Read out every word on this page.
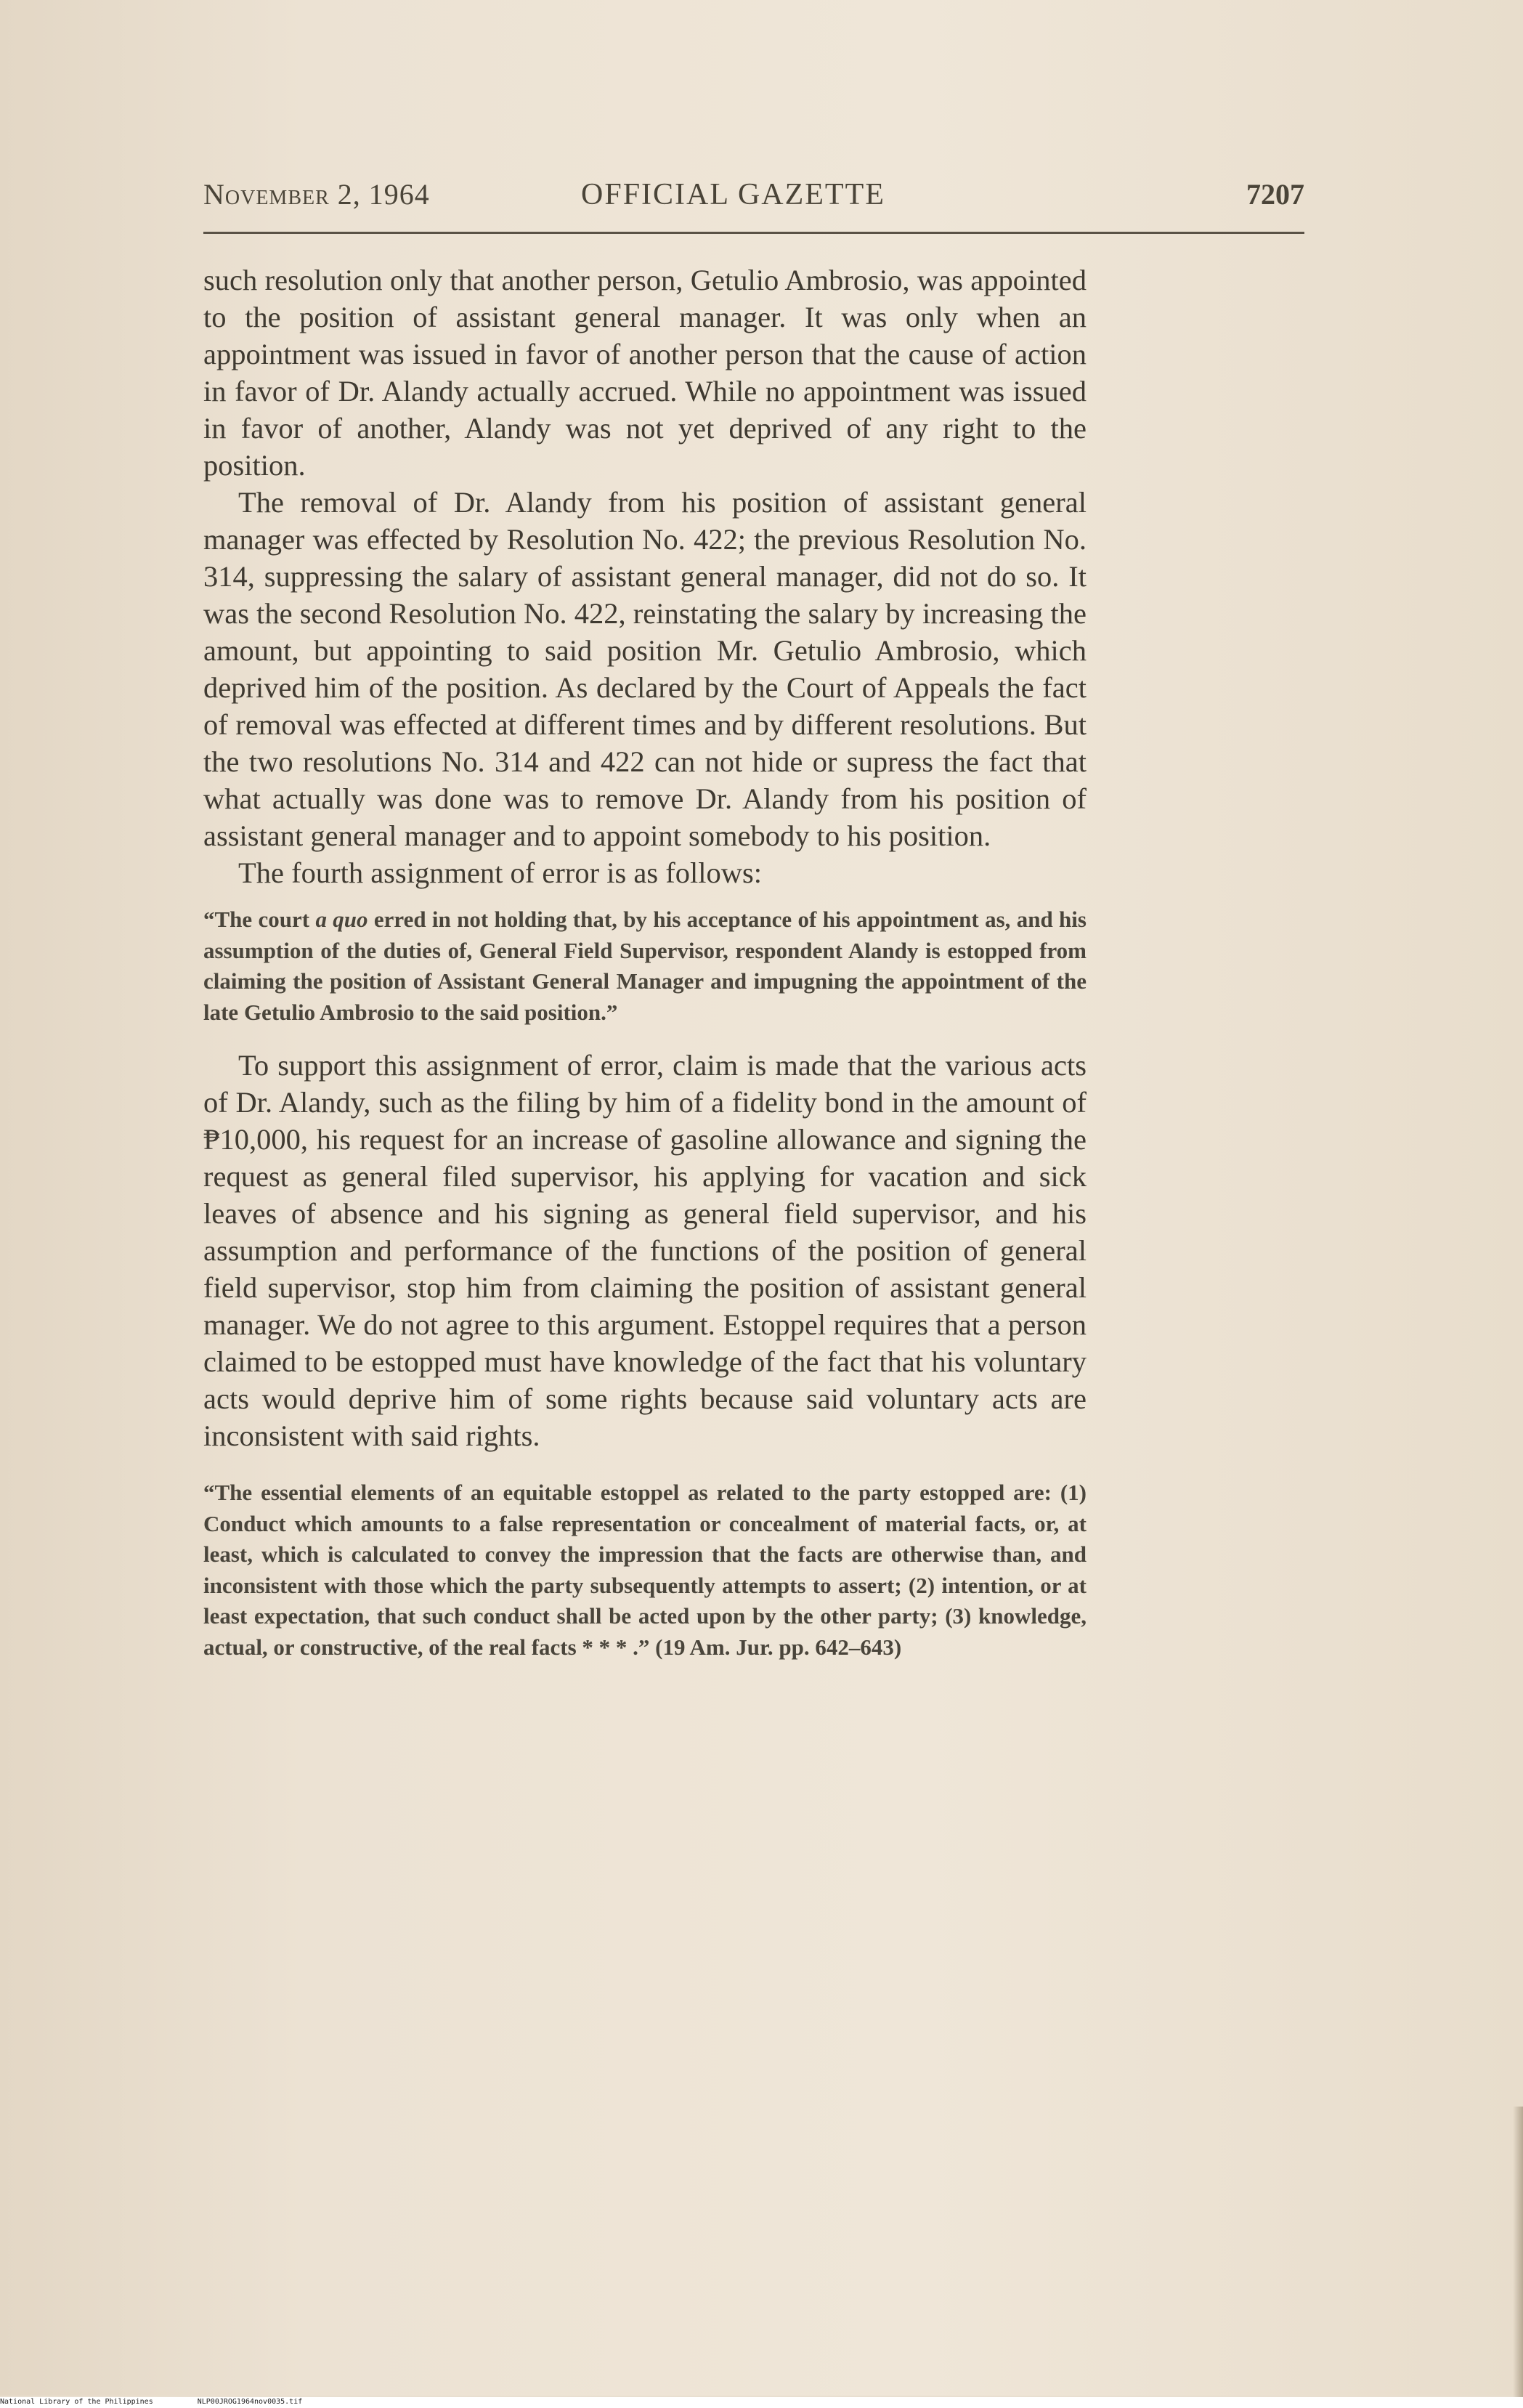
November 2, 1964	OFFICIAL GAZETTE	7207

such resolution only that another person, Getulio Ambrosio, was appointed to the position of assistant general manager. It was only when an appointment was issued in favor of another person that the cause of action in favor of Dr. Alandy actually accrued. While no appointment was issued in favor of another, Alandy was not yet deprived of any right to the position.

The removal of Dr. Alandy from his position of assistant general manager was effected by Resolution No. 422; the previous Resolution No. 314, suppressing the salary of assistant general manager, did not do so. It was the second Resolution No. 422, reinstating the salary by increasing the amount, but appointing to said position Mr. Getulio Ambrosio, which deprived him of the position. As declared by the Court of Appeals the fact of removal was effected at different times and by different resolutions. But the two resolutions No. 314 and 422 can not hide or supress the fact that what actually was done was to remove Dr. Alandy from his position of assistant general manager and to appoint somebody to his position.

The fourth assignment of error is as follows:

“The court a quo erred in not holding that, by his acceptance of his appointment as, and his assumption of the duties of, General Field Supervisor, respondent Alandy is estopped from claiming the position of Assistant General Manager and impugning the appointment of the late Getulio Ambrosio to the said position.”

To support this assignment of error, claim is made that the various acts of Dr. Alandy, such as the filing by him of a fidelity bond in the amount of ₱10,000, his request for an increase of gasoline allowance and signing the request as general filed supervisor, his applying for vacation and sick leaves of absence and his signing as general field supervisor, and his assumption and performance of the functions of the position of general field supervisor, stop him from claiming the position of assistant general manager. We do not agree to this argument. Estoppel requires that a person claimed to be estopped must have knowledge of the fact that his voluntary acts would deprive him of some rights because said voluntary acts are inconsistent with said rights.

“The essential elements of an equitable estoppel as related to the party estopped are: (1) Conduct which amounts to a false representation or concealment of material facts, or, at least, which is calculated to convey the impression that the facts are otherwise than, and inconsistent with those which the party subsequently attempts to assert; (2) intention, or at least expectation, that such conduct shall be acted upon by the other party; (3) knowledge, actual, or constructive, of the real facts * * * .” (19 Am. Jur. pp. 642–643)

National Library of the Philippines	NLP00JROG1964nov0035.tif
